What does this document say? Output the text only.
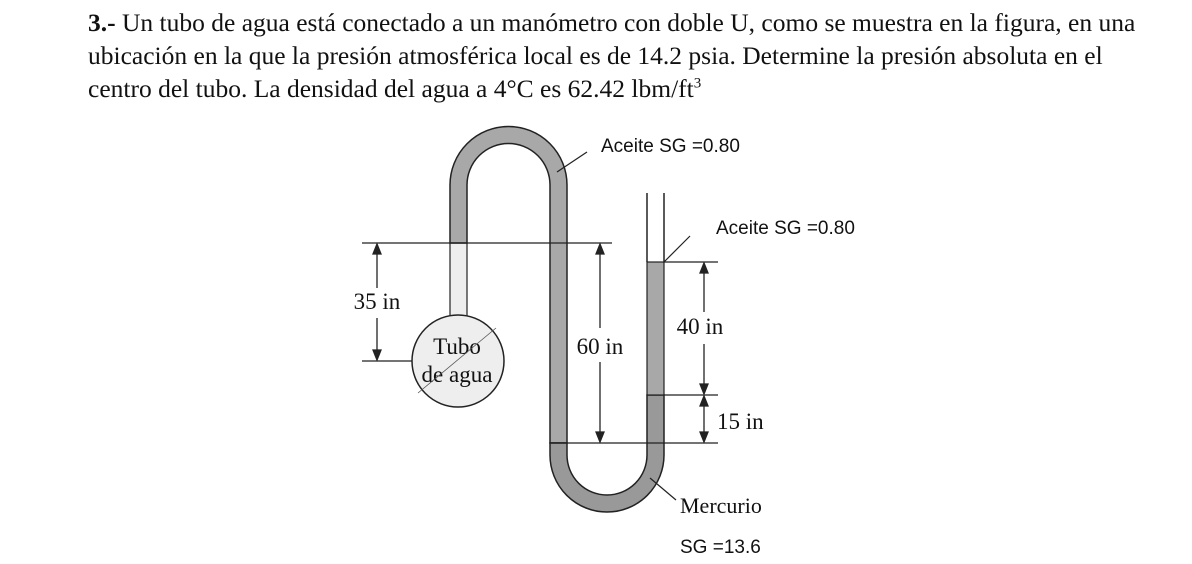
3.- Un tubo de agua está conectado a un manómetro con doble U, como se muestra en la figura, en una ubicación en la que la presión atmosférica local es de 14.2 psia. Determine la presión absoluta en el centro del tubo. La densidad del agua a 4°C es 62.42 lbm/$ft^3$
Tubo
de agua
35 in
60 in
40 in
15 in
Aceite SG =0.80
Aceite SG =0.80
Mercurio
SG =13.6
